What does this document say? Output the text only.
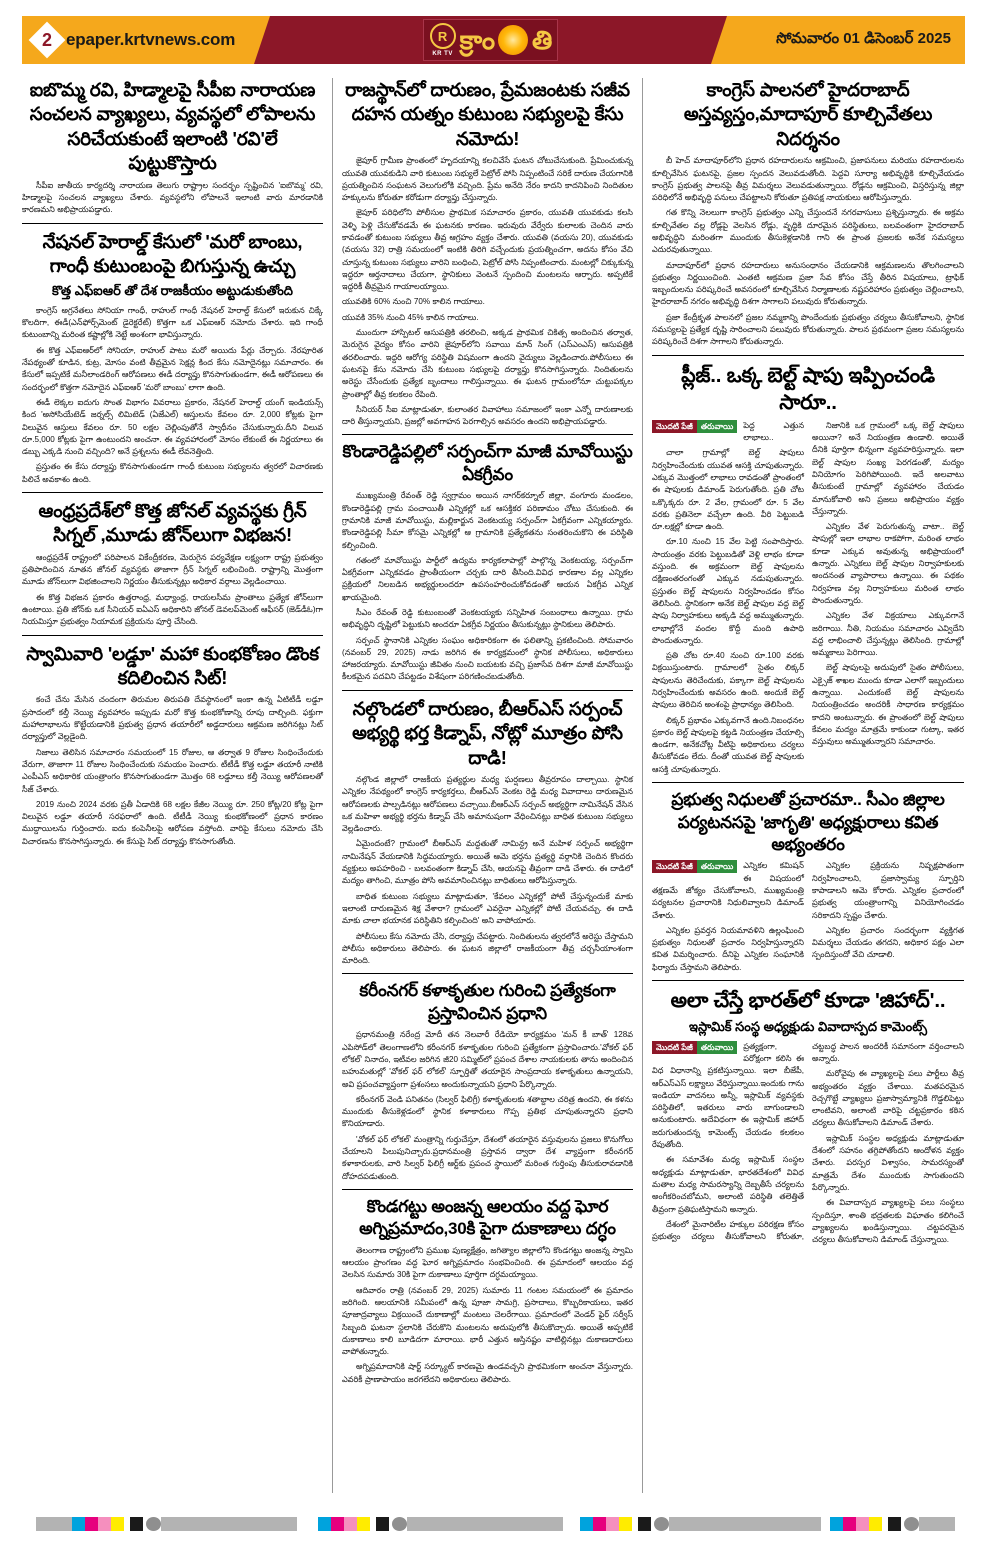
2 epaper.krtvnews.com	R
KR TV క్రాం తి	సోమవారం 01 డిసెంబర్ 2025
ఐబొమ్మ రవి, హిడ్మాలపై సీపీఐ నారాయణ సంచలన వ్యాఖ్యలు, వ్యవస్థలో లోపాలను సరిచేయకుంటే ఇలాంటి 'రవి'లే పుట్టుకొస్తారు

సీపీఐ జాతీయ కార్యదర్శి నారాయణ తెలుగు రాష్ట్రాల సందర్భం స్పష్టించిన 'ఐబొమ్మ' రవి, హిడ్మాలపై సంచలన వ్యాఖ్యలు చేశారు. వ్యవస్థలోని లోపాలనే ఇలాంటి వారు మారడానికి కారణమని అభిప్రాయపడ్డారు.

నేషనల్ హెరాల్డ్ కేసులో 'మరో బాంబు, గాంధీ కుటుంబంపై బిగుస్తున్న ఉచ్చు
కొత్త ఎఫ్‌ఐఆర్ తో దేశ రాజకీయం అట్టుడుకుతోంది

కాంగ్రెస్ అగ్రనేతలు సోనియా గాంధీ, రాహుల్ గాంధీ నేషనల్ హెరాల్డ్ కేసులో ఇరుకున చిక్కే కొలదిగా, ఈడీ(ఎన్‌ఫోర్స్‌మెంట్ డైరెక్టరేట్) కొత్తగా ఒక ఎఫ్‌ఐఆర్ నమోదు చేశారు. ఇది గాంధీ కుటుంబాన్ని మరింత కష్టాల్లోకి నెట్టే అంశంగా భావిస్తున్నారు.

ఈ కొత్త ఎఫ్‌ఐఆర్‌లో సోనియా, రాహుల్ పాటు మరో అయిదు పేర్లు చేర్చారు. నేరపూరిత నేపథ్యంతో కూడిన, కుట్ర, మోసం వంటి తీవ్రమైన సెక్షన్ల కింద కేసు నమోదైనట్లు సమాచారం. ఈ కేసులో ఇప్పటికే మనీలాండరింగ్ ఆరోపణలు ఈడీ దర్యాప్తు కొనసాగుతుండగా, ఈడీ ఆరోపణలు ఈ సందర్భంలో కొత్తగా నమోదైన ఎఫ్‌ఐఆర్ 'మరో బాంబు' లాగా ఉంది.

ఈడీ లెక్కల ఐదుగు సొంత విభాగం వివరాలు ప్రకారం, నేషనల్ హెరాల్డ్ యంగ్ ఇండియన్స్ కింద 'అసోసియేటెడ్ జర్నల్స్ లిమిటెడ్ (ఏజేఎల్) ఆస్తులను కేవలం రూ. 2,000 కోట్లకు పైగా విలువైన ఆస్తులు కేవలం రూ. 50 లక్షల చెల్లింపుతోనే స్వాధీనం చేసుకున్నారు.దీని విలువ రూ.5,000 కోట్లకు పైగా ఉంటుందని అంచనా. ఈ వ్యవహారంలో మోసం లేకుంటే ఈ నిర్ణయాలు ఈ డబ్బు ఎక్కడి నుంచి వచ్చింది? అనే ప్రశ్నలను ఈడీ లేవనెత్తింది.

ప్రస్తుతం ఈ కేసు దర్యాప్తు కొనసాగుతుండగా గాంధీ కుటుంబ సభ్యులను త్వరలో విచారణకు పిలిచే అవకాశం ఉంది.

ఆంధ్రప్రదేశ్‌లో కొత్త జోనల్ వ్యవస్థకు గ్రీన్ సిగ్నల్ ,మూడు జోన్‌లుగా విభజన!

ఆంధ్రప్రదేశ్ రాష్ట్రంలో పరిపాలన వికేంద్రీకరణ, మెరుగైన పర్యవేక్షణ లక్ష్యంగా రాష్ట్ర ప్రభుత్వం ప్రతిపాదించిన నూతన జోనల్ వ్యవస్థకు తాజాగా గ్రీన్ సిగ్నల్ లభించింది. రాష్ట్రాన్ని మొత్తంగా మూడు జోన్‌లుగా విభజించాలని నిర్ణయం తీసుకున్నట్లు అధికార వర్గాలు వెల్లడించాయి.

ఈ కొత్త విభజన ప్రకారం ఉత్తరాంధ్ర, మధ్యాంధ్ర, రాయలసీమ ప్రాంతాలు ప్రత్యేక జోన్‌లుగా ఉంటాయి. ప్రతి జోన్‌కు ఒక సీనియర్ ఐఏఎస్ అధికారిని జోనల్ డెవలప్‌మెంట్ ఆఫీసర్ (జెడ్‌డీఓ)గా నియమిస్తూ ప్రభుత్వం నియామక ప్రక్రియను పూర్తి చేసింది.

స్వామివారి 'లడ్డూ' మహా కుంభకోణం డొంక కదిలించిన సిట్!

కంచే చేను మేసిన చందంగా తిరుమల తిరుపతి దేవస్థానంలో ఇంకా ఉన్న ఏటిటీడీ లడ్డూ ప్రసాదంలో కల్తీ నెయ్యి వ్యవహారం ఇప్పుడు మరో కొత్త కుంభకోణాన్ని రూపు దాల్చింది. ఫక్తుగా మహాలాభాలను కొట్టేయడానికి ప్రభుత్వ ప్రధాన తయారీలో అడ్డదారులు ఆక్రమణ జరిగినట్లు సిట్ దర్యాప్తులో వెల్లడైంది.

నిజాలు తెలిసిన సమాచారం సమయంలో 15 రోజుల, ఆ తర్వాత 9 రోజుల సింధించేందుకు వేరుగా, తాజాగా 11 రోజుల సింధించేందుకు సమయం పెంచారు. టీటీడీ కొత్త లడ్డూ తయారీ నాటికి ఎంపీఎస్ అధికారిక యంత్రాంగం కొనసాగుతుండగా మొత్తం 68 లడ్డూలు కల్తీ నెయ్యి ఆరోపణలతో సీజ్ చేశారు.

2019 నుంచి 2024 వరకు ప్రతీ ఏడాదికి 68 లక్షల కేజీల నెయ్యి రూ. 250 కోట్ల/20 కోట్ల పైగా విలువైన లడ్డూ తయారీ సరఫరాలో ఉంది. టీటీడీ నెయ్యి కుంభకోణంలో ప్రధాన కారణం ముద్దాయిలను గుర్తించారు. ఐదు కంపెనీలపై ఆరోపణ వస్తోంది. వారిపై కేసులు నమోదు చేసి విచారణను కొనసాగిస్తున్నారు. ఈ కేసుపై సిట్ దర్యాప్తు కొనసాగుతోంది.

రాజస్థాన్‌లో దారుణం, ప్రేమజంటకు సజీవ దహన యత్నం కుటుంబ సభ్యులపై కేసు నమోదు!

జైపూర్ గ్రామీణ ప్రాంతంలో హృదయాన్ని కలచివేసే ఘటన చోటుచేసుకుంది. ప్రేమించుకున్న యువతి యువకుడిని వారి కుటుంబ సభ్యులే పెట్రోల్ పోసి నిప్పంటించే సరికే దారుణ చేయగానికి ప్రయత్నించిన సంఘటన వెలుగులోకి వచ్చింది. ప్రేమ అనేది నేరం కాదని కాదనిపించి నిందితుల హక్కులను కోరుతూ కరోడుగా దర్యాప్తు చేస్తున్నారు.

జైపూర్ పరిధిలోని పోలీసుల ప్రాథమిక సమాచారం ప్రకారం, యువతి యువకుడు కలసి వెళ్ళి పెళ్లి చేసుకోవడమే ఈ ఘటనకు కారణం. ఇరువురు వేర్వేరు కులాలకు చెందిన వారు కావడంతో కుటుంబ సభ్యులు తీవ్ర ఆగ్రహం వ్యక్తం చేశారు. యువతి (వయసు 20), యువకుడు (వయసు 32) రాత్రి సమయంలో ఇంటికి తిరిగి వచ్చేందుకు ప్రయత్నించగా, అదను కోసం వేచి చూస్తున్న కుటుంబ సభ్యులు వారిని బంధించి, పెట్రోల్ పోసి నిప్పంటించారు. మంటల్లో చిక్కుకున్న ఇద్దరూ ఆర్తనాదాలు చేయగా, స్థానికులు వెంటనే స్పందించి మంటలను ఆర్పారు. అప్పటికే ఇద్దరికీ తీవ్రమైన గాయాలయ్యాయి.

యువతికి 60% నుంచి 70% కాలిన గాయాలు.

యువకి 35% నుంచి 45% కాలిన గాయాలు.

ముందుగా హాస్పిటల్ ఆసుపత్రికి తరలించి, అక్కడ ప్రాథమిక చికిత్స అందించిన తర్వాత, మెరుగైన వైద్యం కోసం వారిని జైపూర్‌లోని సవాయి మాన్ సింగ్ (ఎస్‌ఎంఎస్) ఆసుపత్రికి తరలించారు. ఇద్దరి ఆరోగ్య పరిస్థితి విషమంగా ఉందని వైద్యులు వెల్లడించారు.పోలీసులు ఈ ఘటనపై కేసు నమోదు చేసి కుటుంబ సభ్యులపై దర్యాప్తు కొనసాగిస్తున్నారు. నిందితులను అరెస్టు చేసేందుకు ప్రత్యేక బృందాలు గాలిస్తున్నాయి. ఈ ఘటన గ్రామంలోనూ చుట్టుపక్కల ప్రాంతాల్లో తీవ్ర కలకలం రేపింది.

సీనియర్ సీఐ మాట్లాడుతూ, కులాంతర వివాహాలు సమాజంలో ఇంకా ఎన్నో దారుణాలకు దారి తీస్తున్నాయని, ప్రజల్లో అవగాహన పెరగాల్సిన అవసరం ఉందని అభిప్రాయపడ్డారు.

కొండారెడ్డిపల్లిలో సర్పంచ్‌గా మాజీ మావోయిస్టు ఏకగ్రీవం

ముఖ్యమంత్రి రేవంత్ రెడ్డి స్వగ్రామం అయిన నాగర్‌కర్నూల్ జిల్లా, వంగూరు మండలం, కొండారెడ్డిపల్లి గ్రామ పంచాయితీ ఎన్నికల్లో ఒక ఆసక్తికర పరిణామం చోటు చేసుకుంది. ఈ గ్రామానికి మాజీ మావోయిస్టు, మల్లికార్జున వెంకటయ్య సర్పంచ్‌గా ఏకగ్రీవంగా ఎన్నికయ్యారు. కొండారెడ్డిపల్లి సీమా కోసమై ఎన్నికల్లో ఆ గ్రామానికి ప్రత్యేకతను సంతరించుకొని ఈ పరిస్థితి కల్పించింది.

గతంలో మావోయిస్టు పార్టీలో ఉద్యమ కార్యకలాపాల్లో పాల్గొన్న వెంకటయ్య, సర్పంచ్‌గా ఏకగ్రీవంగా ఎన్నికవడం ప్రాంతీయంగా చర్చకు దారి తీసింది.వివిధ కారణాల వల్ల ఎన్నికల ప్రక్రియలో నిలబడిన అభ్యర్థులందరూ ఉపసంహరించుకోవడంతో ఆయన ఏకగ్రీవ ఎన్నిక ఖాయమైంది.

సీఎం రేవంత్ రెడ్డి కుటుంబంతో వెంకటయ్యకు సన్నిహిత సంబంధాలు ఉన్నాయి. గ్రామ అభివృద్ధిని దృష్టిలో పెట్టుకుని అందరూ ఏకగ్రీవ నిర్ణయం తీసుకున్నట్లు స్థానికులు తెలిపారు.

సర్పంచ్ స్థానానికి ఎన్నికల సంఘం అధికారికంగా ఈ ఫలితాన్ని ప్రకటించింది. సోమవారం (నవంబర్ 29, 2025) నాడు జరిగిన ఈ కార్యక్రమంలో స్థానిక పోలీసులు, అధికారులు హాజరయ్యారు. మావోయిస్టు జీవితం నుంచి బయటకు వచ్చి ప్రజాసేవ దిశగా మాజీ మావోయిస్టు కీలకమైన పదవిని చేపట్టడం విశేషంగా పరిగణించబడుతోంది.

నల్గొండలో దారుణం, బీఆర్‌ఎస్ సర్పంచ్ అభ్యర్థి భర్త కిడ్నాప్, నోట్లో మూత్రం పోసి దాడి!

నల్గొండ జిల్లాలో రాజకీయ ప్రత్యర్థుల మధ్య ఘర్షణలు తీవ్రరూపం దాల్చాయి. స్థానిక ఎన్నికల నేపథ్యంలో కాంగ్రెస్ కార్యకర్తలు, బీఆర్‌ఎస్ వెంకట రెడ్డి మధ్య వివాదాలు దారుణమైన ఆరోపణలకు పాల్పడినట్లు ఆరోపణలు వచ్చాయి.బీఆర్‌ఎస్ సర్పంచ్ అభ్యర్థిగా నామినేషన్ వేసిన ఒక మహిళా అభ్యర్థి భర్తను కిడ్నాప్ చేసి అమానుషంగా వేధించినట్లు బాధిత కుటుంబ సభ్యులు వెల్లడించారు.

ఏమైందంటే? గ్రామంలో బీఆర్‌ఎస్ మద్దతుతో నామిన్ద్ర అనే మహిళ సర్పంచ్ అభ్యర్థిగా నామినేషన్ వేయడానికి సిద్ధమయ్యారు. అయితే ఆమె భర్తను ప్రత్యర్థి వర్గానికి చెందిన కొందరు వ్యక్తులు అపహరించి - బలవంతంగా కిడ్నాప్ చేసి, ఆయనపై తీవ్రంగా దాడి చేశారు. ఈ దాడిలో మద్యం తాగించి, మూత్రం పోసి అవమానించినట్లు బాధితులు ఆరోపిస్తున్నారు.

బాధిత కుటుంబ సభ్యులు మాట్లాడుతూ, 'కేవలం ఎన్నికల్లో పోటీ చేస్తున్నందుకే మాకు ఇలాంటి దారుణమైన శిక్ష వేశారా? గ్రామంలో ఎవరైనా ఎన్నికల్లో పోటీ చేయవచ్చు. ఈ దాడి మాకు చాలా భయానక పరిస్థితిని కల్పించింది' అని వాపోయారు.

పోలీసులు కేసు నమోదు చేసి, దర్యాప్తు చేపట్టారు. నిందితులను త్వరలోనే అరెస్టు చేస్తామని పోలీసు అధికారులు తెలిపారు. ఈ ఘటన జిల్లాలో రాజకీయంగా తీవ్ర చర్చనీయాంశంగా మారింది.

కరీంనగర్ కళాకృతుల గురించి ప్రత్యేకంగా ప్రస్తావించిన ప్రధాని

ప్రధానమంత్రి నరేంద్ర మోదీ తన నెలవారీ రేడియో కార్యక్రమం 'మన్ కీ బాత్' 128వ ఎపిసోడ్‌లో తెలంగాణలోని కరీంనగర్ కళాకృతుల గురించి ప్రత్యేకంగా ప్రస్తావించారు.'వోకల్ ఫర్ లోకల్' నినాదం, ఇటీవల జరిగిన జీ20 సమ్మిట్‌లో ప్రపంచ దేశాల నాయకులకు తాను అందించిన బహుమతుల్లో 'వోకల్ ఫర్ లోకల్' స్ఫూర్తితో తయారైన సాంప్రదాయ కళాకృతులు ఉన్నాయని, అవి ప్రపంచవ్యాప్తంగా ప్రశంసలు అందుకున్నాయని ప్రధాని పేర్కొన్నారు.

కరీంనగర్ వెండి పనితనం (సిల్వర్ ఫిలిగ్రీ) కళాకృతులకు శతాబ్దాల చరిత్ర ఉందని, ఈ కళను ముందుకు తీసుకెళ్లడంలో స్థానిక కళాకారులు గొప్ప ప్రతిభ చూపుతున్నారని ప్రధాని కొనియాడారు.

'వోకల్ ఫర్ లోకల్' మంత్రాన్ని గుర్తుచేస్తూ, దేశంలో తయారైన వస్తువులను ప్రజలు కొనుగోలు చేయాలని పిలుపునిచ్చారు.ప్రధానమంత్రి ప్రస్తావన ద్వారా దేశ వ్యాప్తంగా కరీంనగర్ కళాకారులకు, వారి సిల్వర్ ఫిలిగ్రీ ఆర్ట్‌కు ప్రపంచ స్థాయిలో మరింత గుర్తింపు తీసుకురావడానికి దోహదపడుతుంది.

కొండగట్టు అంజన్న ఆలయం వద్ద ఘోర అగ్నిప్రమాదం,30కి పైగా దుకాణాలు దగ్ధం

తెలంగాణ రాష్ట్రంలోని ప్రముఖ పుణ్యక్షేత్రం, జగిత్యాల జిల్లాలోని కొండగట్టు అంజన్న స్వామి ఆలయం ప్రాంగణం వద్ద ఘోర అగ్నిప్రమాదం సంభవించింది. ఈ ప్రమాదంలో ఆలయం వద్ద వెలసిన సుమారు 30కి పైగా దుకాణాలు పూర్తిగా దగ్ధమయ్యాయి.

ఆదివారం రాత్రి (నవంబర్ 29, 2025) సుమారు 11 గంటల సమయంలో ఈ ప్రమాదం జరిగింది. ఆలయానికి సమీపంలో ఉన్న పూజా సామగ్రి, ప్రసాదాలు, కొబ్బరికాయలు, ఇతర పూజాద్రవ్యాలు విక్రయించే దుకాణాల్లో మంటలు చెలరేగాయి. ప్రమాదంలో వెండర్ ఫైర్ సర్వీస్ సిబ్బంది ఘటనా స్థలానికి చేరుకొని మంటలను అదుపులోకి తీసుకొచ్చారు. అయితే అప్పటికే దుకాణాలు కాలి బూడిదగా మారాయి. భారీ ఎత్తున ఆస్తినష్టం వాటిల్లినట్లు దుకాణదారులు వాపోతున్నారు.

అగ్నిప్రమాదానికి షార్ట్ సర్క్యూట్ కారణమై ఉండవచ్చని ప్రాథమికంగా అంచనా వేస్తున్నారు. ఎవరికీ ప్రాణాపాయం జరగలేదని అధికారులు తెలిపారు.

కాంగ్రెస్ పాలనలో హైదరాబాద్ అస్తవ్యస్తం,మాదాపూర్ కూల్చివేతలు నిదర్శనం

బీ హెచ్ మాదాపూర్‌లోని ప్రధాన రహదారులను ఆక్రమించి, ప్రజాపనులు మరియు రహదారులను కూల్చివేసిన ఘటనపై, ప్రజల స్పందన వెలువడుతోంది. పెద్దవి సూర్యా అభివృద్ధికి కూల్చివేయడం కాంగ్రెస్ ప్రభుత్వ పాలనపై తీవ్ర విమర్శలు వెలువడుతున్నాయి. రోడ్లను ఆక్రమించి, విస్తరిస్తున్న జిల్లా పరిధిలోనే అభివృద్ధి పనులు చేపట్టాలని కోరుతూ ప్రతిపక్ష నాయకులు ఆరోపిస్తున్నారు.

గత కొన్ని నెలలుగా కాంగ్రెస్ ప్రభుత్వం ఎన్ని చేస్తుందనే నగరవాసులు ప్రశ్నిస్తున్నారు. ఈ అక్రమ కూల్చివేతల వల్ల రోడ్లపై వెలసిన రోడ్లు, వృద్ధికి దూరమైన పరిస్థితులు, బలవంతంగా హైదరాబాద్ అభివృద్ధిని మరింతగా ముందుకు తీసుకెళ్లడానికి గాని ఈ ప్రాంత ప్రజలకు అనేక సమస్యలు ఎదురవుతున్నాయి.

మాదాపూర్‌లో ప్రధాన రహదారులు అనుసంధానం చేయడానికి ఆక్రమణలను తొలగించాలని ప్రభుత్వం నిర్ణయించింది. ఎంతటి ఆక్రమణ ప్రజా సేవ కోసం చేస్తే తీరిన విషయాలు, ట్రాఫిక్ ఇబ్బందులను పరిష్కరించే అవసరంలో కూల్చివేసిన నిర్మాణాలకు నష్టపరిహారం ప్రభుత్వం చెల్లించాలని, హైదరాబాద్ నగరం అభివృద్ధి దిశగా సాగాలని పలువురు కోరుతున్నారు.

ప్రజా కేంద్రీకృత పాలనలో ప్రజల నమ్మకాన్ని పొందేందుకు ప్రభుత్వం చర్యలు తీసుకోవాలని, స్థానిక సమస్యలపై ప్రత్యేక దృష్టి సారించాలని పలువురు కోరుతున్నారు. పాలన ప్రథమంగా ప్రజల సమస్యలను పరిష్కరించే దిశగా సాగాలని కోరుతున్నారు.

ప్లీజ్.. ఒక్క బెల్ట్ షాపు ఇప్పించండి సారూ..
మొదటి పేజీ	తరువాయి	పెద్ద ఎత్తున లాభాలు..

చాలా గ్రామాల్లో బెల్ట్ షాపులు నిర్వహించేందుకు యువత ఆసక్తి చూపుతున్నారు. ఎక్కువ మొత్తంలో లాభాలు రావడంతో ప్రాంతంలో ఈ షాపులకు డిమాండ్ పెరుగుతోంది. ప్రతి చోట ఒక్కొక్కరు రూ. 2 వేల, గ్రామంలో రూ. 5 వేల వరకు ప్రతినెలా వచ్చేలా ఉంది. వీరి పెట్టుబడి రూ.లక్షల్లో కూడా ఉంది.

రూ.10 నుంచి 15 వేల పెట్టి సంపాదిస్తారు. సాయంత్రం వరకు పెట్టుబడితో వెళ్లి లాభం కూడా వస్తుంది. ఈ అక్రమంగా బెల్ట్ షాపులను దక్షిణంతరంగంతో ఎక్కువ నడుపుతున్నారు. ప్రస్తుతం బెల్ట్ షాపులను నిర్వహించడం కోసం తెలిసింది. స్థానికంగా అనేక బెల్ట్ షాపుల వద్ద బెల్ట్ షాపు నిర్వాహకులు అక్కడి వద్ద అమ్ముతున్నారు. లాభాల్లోనే వందల కొద్దీ మంది ఉపాధి పొందుతున్నారు.

ప్రతి చోట రూ.40 నుంచి రూ.100 వరకు విక్రయిస్తుంటారు. గ్రామాలలో సైతం లిక్కర్ షాపులను తెరిచేందుకు, పక్కాగా బెల్ట్ షాపులను నిర్వహించేందుకు అవసరం ఉంది. అందుకే బెల్ట్ షాపులు తెరిచిన అంశంపై ప్రాధాన్యం తెలిసింది.

లిక్కర్ ప్రభావం ఎక్కువగానే ఉంది.నిబంధనల ప్రకారం బెల్ట్ షాపులపై కట్టడి నియంత్రణ చేయాల్సి ఉండగా, అనేకచోట్ల వీటిపై అధికారులు చర్యలు తీసుకోవడం లేదు. దీంతో యువత బెల్ట్ షాపులకు ఆసక్తి చూపుతున్నారు.

నిజానికి ఒక గ్రామంలో ఒక్క బెల్ట్ షాపులు అయినా? అనే నియంత్రణ ఉండాలి. అయితే దీనికి పూర్తిగా భిన్నంగా వ్యవహరిస్తున్నారు. ఇలా బెల్ట్ షాపుల సంఖ్య పెరగడంతో, మద్యం వినియోగం పెరిగిపోయింది. ఇదే అలవాటు తీసుకుంటే గ్రామాల్లో వ్యవహారం చేయడం మానుకోవాలి అని ప్రజలు అభిప్రాయం వ్యక్తం చేస్తున్నారు.

ఎన్నికల వేళ పెరుగుతున్న వాటా.. బెల్ట్ షాపుల్లో ఇలా లాభాల రాకపోగా, మరింత లాభం కూడా ఎక్కువ అవుతున్న అభిప్రాయంలో ఉన్నారు. ఎన్నికలు బెల్ట్ షాపుల నిర్వాహకులకు అందనంత వ్యాపారాలు ఉన్నాయి. ఈ పథకం నిర్వహణ వల్ల నిర్వాహకులు మరింత లాభం పొందుతున్నారు.

ఎన్నికల వేళ విక్రయాలు ఎక్కువగానే జరిగాయి. నీతి, నియమం సమాచారం ఎవ్విదేని వద్ద లాభించాలి చేస్తున్నట్లు తెలిసింది. గ్రామాల్లో అమ్మకాలు పెరిగాయి.

బెల్ట్ షాపులపై అదుపులో సైతం పోలీసులు, ఎక్సైజ్ శాఖల ముందు కూడా ఎలాగో ఇబ్బందులు ఉన్నాయి. ఎందుకంటే బెల్ట్ షాపులను నియంత్రించడం అందరికీ సాధారణ కార్యక్రమం కాదని అంటున్నారు. ఈ ప్రాంతంలో బెల్ట్ షాపులు కేవలం మద్యం మాత్రమే కాకుండా గుట్కా, ఇతర వస్తువులు అమ్ముతున్నారని సమాచారం.

ప్రభుత్వ నిధులతో ప్రచారమా.. సీఎం జిల్లాల పర్యటనసపై 'జాగృతి' అధ్యక్షురాలు కవిత అభ్యంతరం
మొదటి పేజీ	తరువాయి	ఎన్నికల కమిషన్ ఈ విషయంలో తక్షణమే జోక్యం చేసుకోవాలని, ముఖ్యమంత్రి పర్యటనల ప్రచారానికి నిధులివ్వాలని డిమాండ్ చేశారు.

ఎన్నికల ప్రవర్తన నియమావళిని ఉల్లంఘించి ప్రభుత్వం నిధులతో ప్రచారం నిర్వహిస్తున్నారని కవిత విమర్శించారు. దీనిపై ఎన్నికల సంఘానికి ఫిర్యాదు చేస్తామని తెలిపారు.

ఎన్నికల ప్రక్రియను నిష్పక్షపాతంగా నిర్వహించాలని, ప్రజాస్వామ్య స్ఫూర్తిని కాపాడాలని ఆమె కోరారు. ఎన్నికల ప్రచారంలో ప్రభుత్వ యంత్రాంగాన్ని వినియోగించడం సరికాదని స్పష్టం చేశారు.

ఎన్నికల ప్రచారం సందర్భంగా వ్యక్తిగత విమర్శలు చేయడం తగదని, అధికార పక్షం ఎలా స్పందిస్తుందో వేచి చూడాలి.

అలా చేస్తే భారత్‌లో కూడా 'జిహాద్'..
ఇస్లామిక్ సంస్థ అధ్యక్షుడు వివాదాస్పద కామెంట్స్
మొదటి పేజీ	తరువాయి	ప్రత్యక్షంగా, పరోక్షంగా కలిసి ఈ విధ విధానాన్ని ప్రకటిస్తున్నాయి. ఇలా బీజేపీ, ఆర్‌ఎస్‌ఎస్ లక్ష్యాలు వేధిస్తున్నాయి.ఇందుకు గాను ఇండియా వాదనలు అన్నీ, ఇస్లామిక్ వ్యవస్థకు పరిస్థితిలో, ఇతరులు వారు బాగుండాలని అనుకుంటారు. అదేవిధంగా ఈ ఇస్లామిక్ జిహాద్ జరుగుతుందన్న కామెంట్స్ చేయడం కలకలం రేపుతోంది.

ఈ సమావేశం మధ్య ఇస్లామిక్ సంస్థల అధ్యక్షుడు మాట్లాడుతూ, భారతదేశంలో వివిధ మతాల మధ్య సామరస్యాన్ని దెబ్బతీసే చర్యలను అంగీకరించబోమని, అలాంటి పరిస్థితి తలెత్తితే తీవ్రంగా ప్రతిఘటిస్తామని అన్నారు.

దేశంలో మైనారిటీల హక్కుల పరిరక్షణ కోసం ప్రభుత్వం చర్యలు తీసుకోవాలని కోరుతూ, చట్టబద్ధ పాలన అందరికీ సమానంగా వర్తించాలని అన్నారు.

మరోవైపు ఈ వ్యాఖ్యలపై పలు పార్టీలు తీవ్ర అభ్యంతరం వ్యక్తం చేశాయి. మతపరమైన రెచ్చగొట్టే వ్యాఖ్యలు ప్రజాస్వామ్యానికి గొడ్డలిపెట్టు లాంటివని, అలాంటి వారిపై చట్టప్రకారం కఠిన చర్యలు తీసుకోవాలని డిమాండ్ చేశారు.

ఇస్లామిక్ సంస్థల అధ్యక్షుడు మాట్లాడుతూ దేశంలో సహనం తగ్గిపోతోందని ఆందోళన వ్యక్తం చేశారు. పరస్పర విశ్వాసం, సామరస్యంతో మాత్రమే దేశం ముందుకు సాగుతుందని పేర్కొన్నారు.

ఈ వివాదాస్పద వ్యాఖ్యలపై పలు సంస్థలు స్పందిస్తూ, శాంతి భద్రతలకు విఘాతం కలిగించే వ్యాఖ్యలను ఖండిస్తున్నాయి. చట్టపరమైన చర్యలు తీసుకోవాలని డిమాండ్ చేస్తున్నాయి.
